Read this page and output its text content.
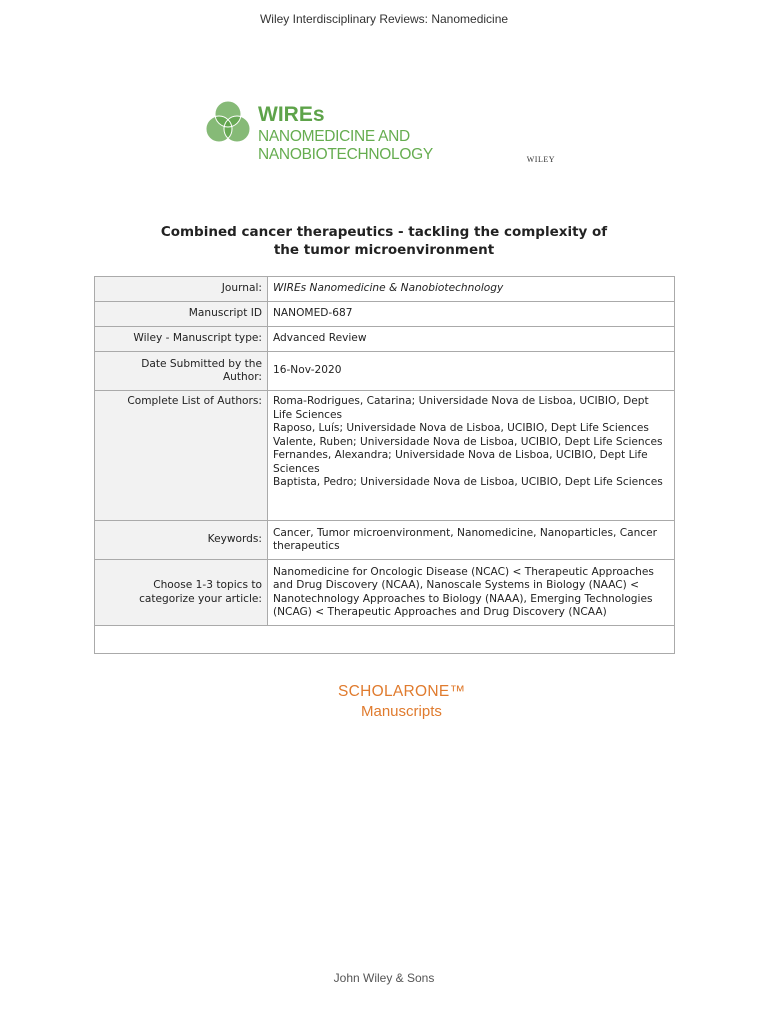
Wiley Interdisciplinary Reviews: Nanomedicine
WIREs
NANOMEDICINE AND NANOBIOTECHNOLOGY	WILEY
Combined cancer therapeutics - tackling the complexity of
the tumor microenvironment
Journal:	WIREs Nanomedicine & Nanobiotechnology
Manuscript ID	NANOMED-687
Wiley - Manuscript type:	Advanced Review

Date Submitted by the
Author:	16-Nov-2020
Complete List of Authors:	Roma-Rodrigues, Catarina; Universidade Nova de Lisboa, UCIBIO, Dept Life Sciences
Raposo, Luís; Universidade Nova de Lisboa, UCIBIO, Dept Life Sciences
Valente, Ruben; Universidade Nova de Lisboa, UCIBIO, Dept Life Sciences
Fernandes, Alexandra; Universidade Nova de Lisboa, UCIBIO, Dept Life Sciences
Baptista, Pedro; Universidade Nova de Lisboa, UCIBIO, Dept Life Sciences

Keywords:	Cancer, Tumor microenvironment, Nanomedicine, Nanoparticles, Cancer therapeutics

Choose 1-3 topics to
categorize your article:	Nanomedicine for Oncologic Disease (NCAC) < Therapeutic Approaches and Drug Discovery (NCAA), Nanoscale Systems in Biology (NAAC) < Nanotechnology Approaches to Biology (NAAA), Emerging Technologies (NCAG) < Therapeutic Approaches and Drug Discovery (NCAA)

SCHOLARONE™
Manuscripts
John Wiley & Sons
